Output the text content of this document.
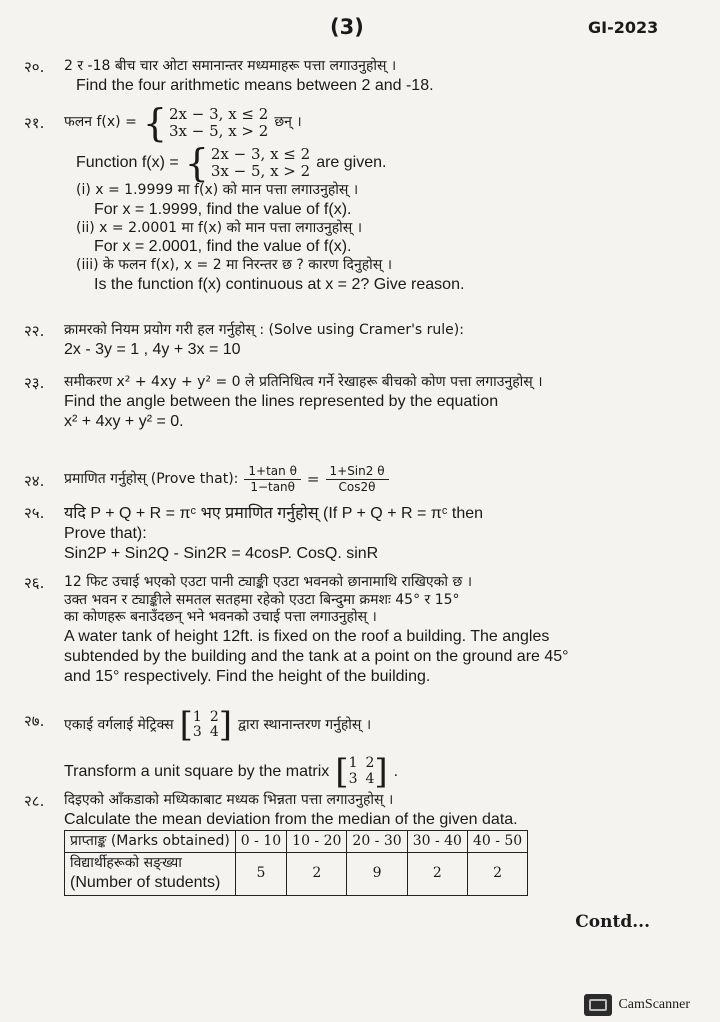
(3)	GI-2023
२०. 2 र -18 बीच चार ओटा समानान्तर मध्यमाहरू पत्ता लगाउनुहोस् ।
Find the four arithmetic means between 2 and -18.
२१. फलन f(x) = { 2x − 3, x ≤ 2
3x − 5, x > 2 छन् ।
Function f(x) = { 2x − 3, x ≤ 2
3x − 5, x > 2 are given.
(i) x = 1.9999 मा f(x) को मान पत्ता लगाउनुहोस् ।
For x = 1.9999, find the value of f(x).
(ii) x = 2.0001 मा f(x) को मान पत्ता लगाउनुहोस् ।
For x = 2.0001, find the value of f(x).
(iii) के फलन f(x), x = 2 मा निरन्तर छ ? कारण दिनुहोस् ।
Is the function f(x) continuous at x = 2? Give reason.
२२. क्रामरको नियम प्रयोग गरी हल गर्नुहोस् : (Solve using Cramer's rule):
2x - 3y = 1 , 4y + 3x = 10
२३. समीकरण x² + 4xy + y² = 0 ले प्रतिनिधित्व गर्ने रेखाहरू बीचको कोण पत्ता लगाउनुहोस् ।
Find the angle between the lines represented by the equation
x² + 4xy + y² = 0.
२४. प्रमाणित गर्नुहोस् (Prove that): $\frac{\text{1+tan θ}}{1-\tan\theta} = \frac{\text{1+Sin2 θ}}{\text{Cos2θ}}$
२५. यदि P + Q + R = πᶜ भए प्रमाणित गर्नुहोस् (If P + Q + R = πᶜ then
Prove that):
Sin2P + Sin2Q - Sin2R = 4cosP. CosQ. sinR
२६. 12 फिट उचाई भएको एउटा पानी ट्याङ्की एउटा भवनको छानामाथि राखिएको छ ।
उक्त भवन र ट्याङ्कीले समतल सतहमा रहेको एउटा बिन्दुमा क्रमशः 45° र 15°
का कोणहरू बनाउँदछन् भने भवनको उचाई पत्ता लगाउनुहोस् ।
A water tank of height 12ft. is fixed on the roof a building. The angles
subtended by the building and the tank at a point on the ground are 45°
and 15° respectively. Find the height of the building.
२७. एकाई वर्गलाई मेट्रिक्स [ 1 2
3 4 ] द्वारा स्थानान्तरण गर्नुहोस् ।
Transform a unit square by the matrix [ 1 2
3 4 ] .
२८. दिइएको आँकडाको मध्यिकाबाट मध्यक भिन्नता पत्ता लगाउनुहोस् ।
Calculate the mean deviation from the median of the given data.
प्राप्ताङ्क (Marks obtained)	0 - 10	10 - 20	20 - 30	30 - 40	40 - 50

विद्यार्थीहरूको सङ्ख्या
(Number of students)	5	2	9	2	2
Contd...
CamScanner
